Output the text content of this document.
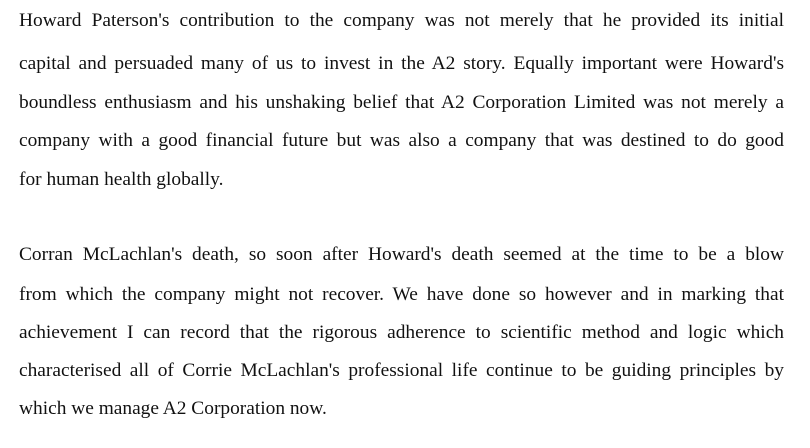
Howard Paterson's contribution to the company was not merely that he provided its initial

capital and persuaded many of us to invest in the A2 story. Equally important were Howard's

boundless enthusiasm and his unshaking belief that A2 Corporation Limited was not merely a

company with a good financial future but was also a company that was destined to do good

for human health globally.

Corran McLachlan's death, so soon after Howard's death seemed at the time to be a blow

from which the company might not recover. We have done so however and in marking that

achievement I can record that the rigorous adherence to scientific method and logic which

characterised all of Corrie McLachlan's professional life continue to be guiding principles by

which we manage A2 Corporation now.
